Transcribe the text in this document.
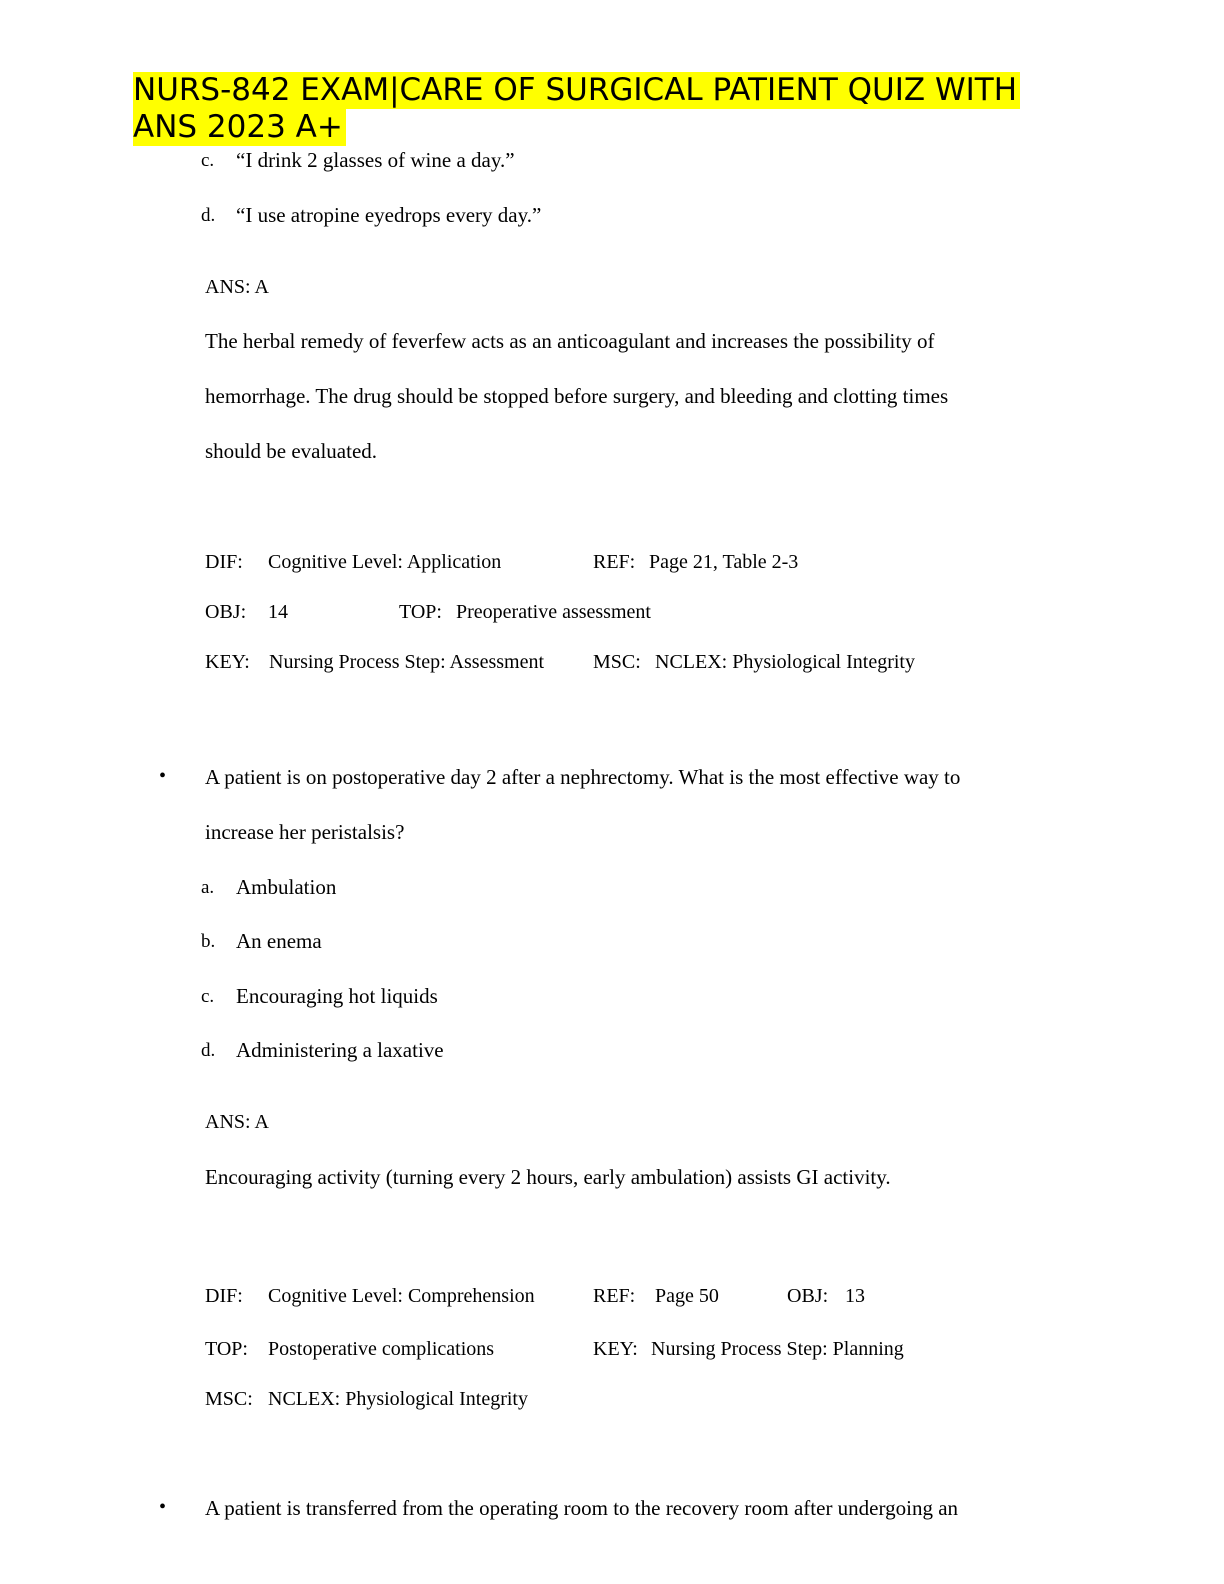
NURS-842 EXAM|CARE OF SURGICAL PATIENT QUIZ WITH
ANS 2023 A+
c. “I drink 2 glasses of wine a day.”
d. “I use atropine eyedrops every day.”
ANS: A
The herbal remedy of feverfew acts as an anticoagulant and increases the possibility of
hemorrhage. The drug should be stopped before surgery, and bleeding and clotting times
should be evaluated.
DIF: Cognitive Level: Application	REF: Page 21, Table 2-3
OBJ: 14	TOP: Preoperative assessment
KEY: Nursing Process Step: Assessment MSC: NCLEX: Physiological Integrity
• A patient is on postoperative day 2 after a nephrectomy. What is the most effective way to
increase her peristalsis?
a. Ambulation
b. An enema
c. Encouraging hot liquids
d. Administering a laxative
ANS: A
Encouraging activity (turning every 2 hours, early ambulation) assists GI activity.
DIF: Cognitive Level: Comprehension	REF: Page 50	OBJ: 13
TOP: Postoperative complications	KEY: Nursing Process Step: Planning
MSC: NCLEX: Physiological Integrity
• A patient is transferred from the operating room to the recovery room after undergoing an
